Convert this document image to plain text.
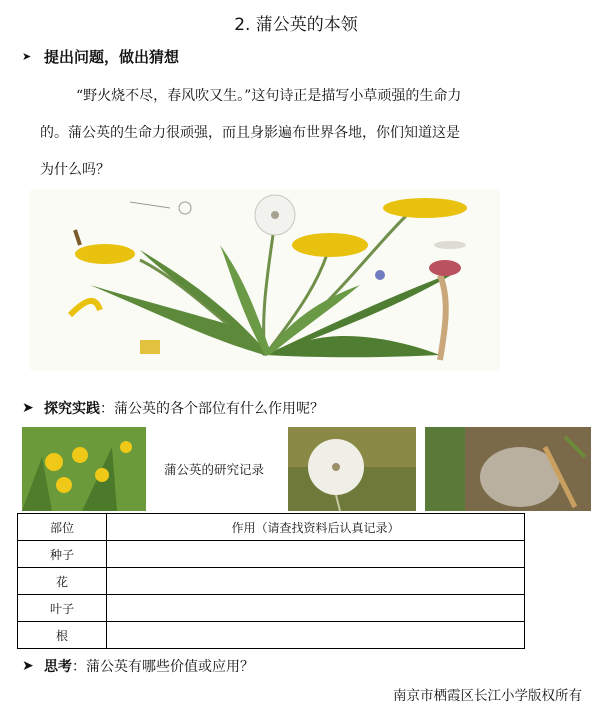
2. 蒲公英的本领
➤ 提出问题，做出猜想
“野火烧不尽，春风吹又生。”这句诗正是描写小草顽强的生命力
的。蒲公英的生命力很顽强，而且身影遍布世界各地，你们知道这是
为什么吗？
➤ 探究实践 ：蒲公英的各个部位有什么作用呢？
蒲公英的研究记录
部位	作用（请查找资料后认真记录）
种子	
花	
叶子	
根	
➤ 思考 ：蒲公英有哪些价值或应用？
南京市栖霞区长江小学版权所有
